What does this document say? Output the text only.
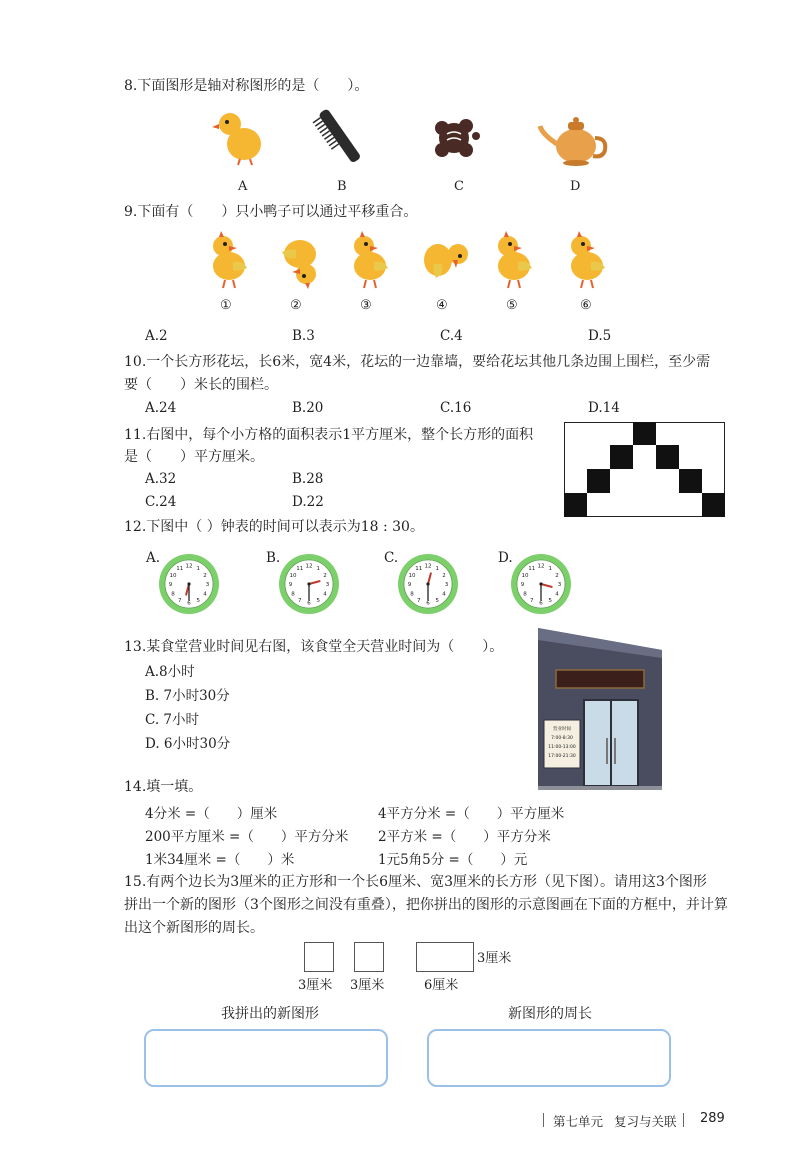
8.下面图形是轴对称图形的是（　　）。
A	B	C	D
9.下面有（　　）只小鸭子可以通过平移重合。
①	②	③	④	⑤	⑥
A.2	B.3	C.4	D.5
10.一个长方形花坛，长6米，宽4米，花坛的一边靠墙，要给花坛其他几条边围上围栏，至少需
要（　　）米长的围栏。
A.24	B.20	C.16	D.14
11.右图中，每个小方格的面积表示1平方厘米，整个长方形的面积
是（　　）平方厘米。
A.32	B.28
C.24	D.22
12.下图中（ ）钟表的时间可以表示为18 : 30。
A.	B.	C.	D.
1
2
3
4
5
6
7
8
9
10
11 12	1
2
3
4
5
6
7
8
9
10
11 12	1
2
3
4
5
6
7
8
9
10
11 12	1
2
3
4
5
6
7
8
9
10
11 12
13.某食堂营业时间见右图，该食堂全天营业时间为（　　）。
A.8小时
B. 7小时30分
C. 7小时
D. 6小时30分
营业时间
7:00-8:30
11:00-13:00
17:00-21:30
14.填一填。
4分米 =（　　）厘米	4平方分米 =（　　）平方厘米
200平方厘米 =（　　）平方分米 2平方米 =（　　）平方分米
1米34厘米 =（　　）米	1元5角5分 =（　　）元
15.有两个边长为3厘米的正方形和一个长6厘米、宽3厘米的长方形（见下图）。请用这3个图形
拼出一个新的图形（3个图形之间没有重叠），把你拼出的图形的示意图画在下面的方框中，并计算
出这个新图形的周长。
3厘米 3厘米	6厘米
3厘米
我拼出的新图形	新图形的周长
第七单元 复习与关联 289
